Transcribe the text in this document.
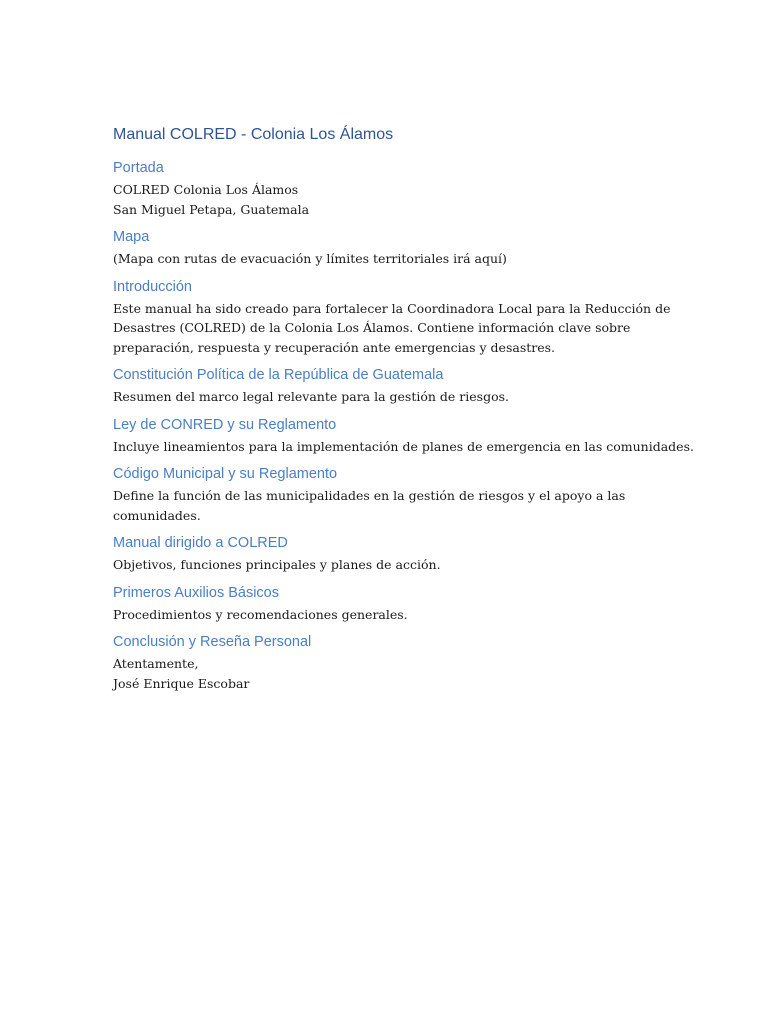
Manual COLRED - Colonia Los Álamos
Portada

COLRED Colonia Los Álamos

San Miguel Petapa, Guatemala

Mapa

(Mapa con rutas de evacuación y límites territoriales irá aquí)

Introducción

Este manual ha sido creado para fortalecer la Coordinadora Local para la Reducción de

Desastres (COLRED) de la Colonia Los Álamos. Contiene información clave sobre

preparación, respuesta y recuperación ante emergencias y desastres.

Constitución Política de la República de Guatemala

Resumen del marco legal relevante para la gestión de riesgos.

Ley de CONRED y su Reglamento

Incluye lineamientos para la implementación de planes de emergencia en las comunidades.

Código Municipal y su Reglamento

Define la función de las municipalidades en la gestión de riesgos y el apoyo a las

comunidades.

Manual dirigido a COLRED

Objetivos, funciones principales y planes de acción.

Primeros Auxilios Básicos

Procedimientos y recomendaciones generales.

Conclusión y Reseña Personal

Atentamente,

José Enrique Escobar
